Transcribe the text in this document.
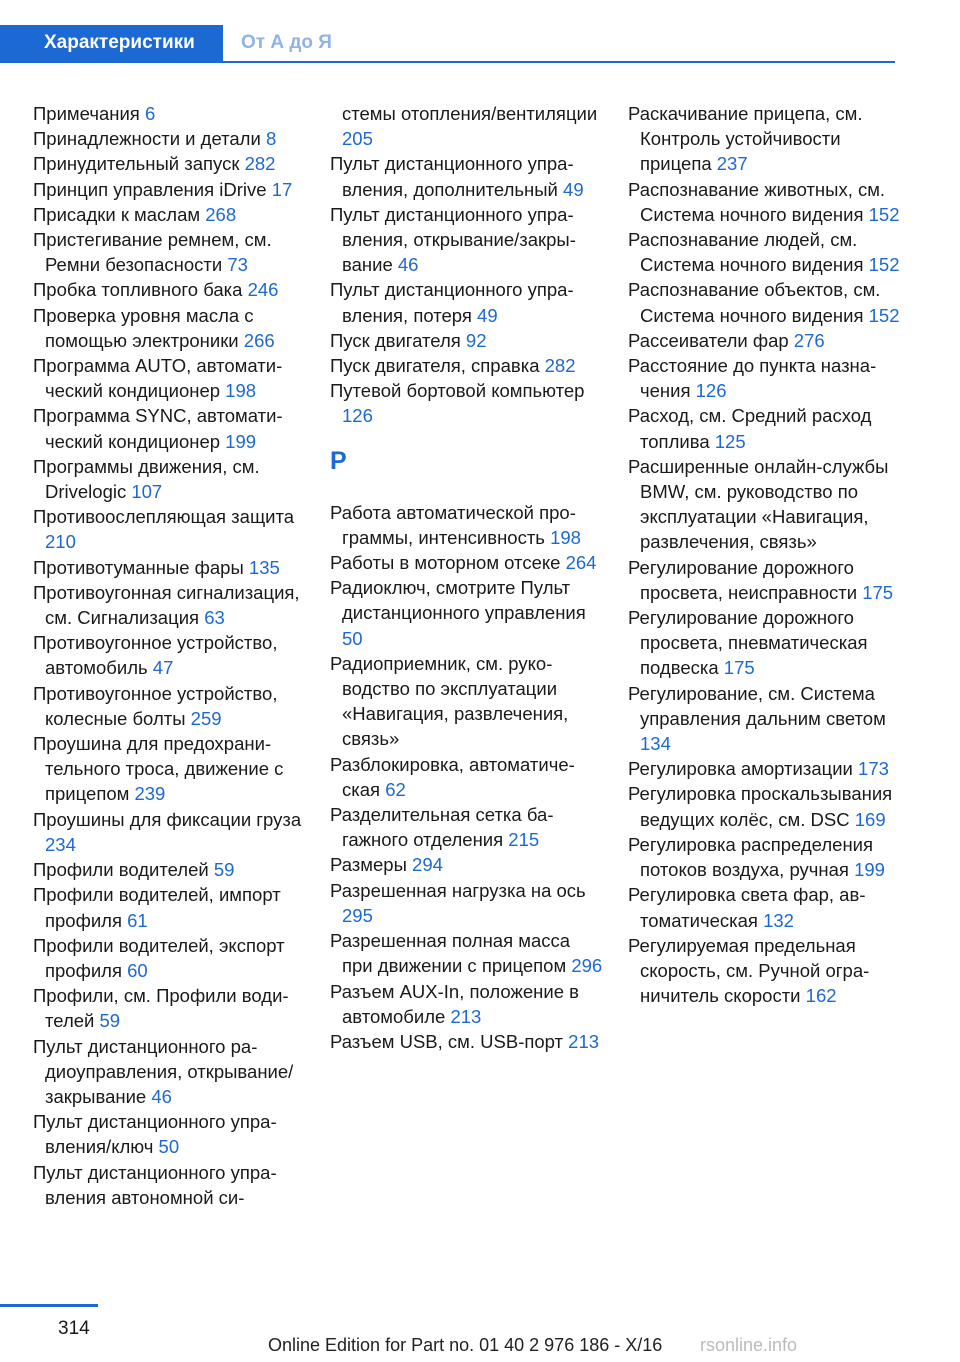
Характеристики	От А до Я
Примечания 6
Принадлежности и детали 8
Принудительный запуск 282
Принцип управления iDrive 17
Присадки к маслам 268
Пристегивание ремнем, см. Ремни безопасности 73
Пробка топливного бака 246
Проверка уровня масла с помощью электроники 266
Программа AUTO, автоматический кондиционер 198
Программа SYNC, автоматический кондиционер 199
Программы движения, см. Drivelogic 107
Противоослепляющая защита 210
Противотуманные фары 135
Противоугонная сигнализация, см. Сигнализация 63
Противоугонное устройство, автомобиль 47
Противоугонное устройство, колесные болты 259
Проушина для предохранительного троса, движение с прицепом 239
Проушины для фиксации груза 234
Профили водителей 59
Профили водителей, импорт профиля 61
Профили водителей, экспорт профиля 60
Профили, см. Профили водителей 59
Пульт дистанционного радиоуправления, открывание/закрывание 46
Пульт дистанционного управления/ключ 50
Пульт дистанционного управления автономной си-
стемы отопления/вентиляции 205
Пульт дистанционного управления, дополнительный 49
Пульт дистанционного управления, открывание/закрывание 46
Пульт дистанционного управления, потеря 49
Пуск двигателя 92
Пуск двигателя, справка 282
Путевой бортовой компьютер 126
Р
Работа автоматической программы, интенсивность 198
Работы в моторном отсеке 264
Радиоключ, смотрите Пульт дистанционного управления 50
Радиоприемник, см. руководство по эксплуатации «Навигация, развлечения, связь»
Разблокировка, автоматическая 62
Разделительная сетка багажного отделения 215
Размеры 294
Разрешенная нагрузка на ось 295
Разрешенная полная масса при движении с прицепом 296
Разъем AUX-In, положение в автомобиле 213
Разъем USB, см. USB-порт 213
Раскачивание прицепа, см. Контроль устойчивости прицепа 237
Распознавание животных, см. Система ночного видения 152
Распознавание людей, см. Система ночного видения 152
Распознавание объектов, см. Система ночного видения 152
Рассеиватели фар 276
Расстояние до пункта назначения 126
Расход, см. Средний расход топлива 125
Расширенные онлайн-службы BMW, см. руководство по эксплуатации «Навигация, развлечения, связь»
Регулирование дорожного просвета, неисправности 175
Регулирование дорожного просвета, пневматическая подвеска 175
Регулирование, см. Система управления дальним светом 134
Регулировка амортизации 173
Регулировка проскальзывания ведущих колёс, см. DSC 169
Регулировка распределения потоков воздуха, ручная 199
Регулировка света фар, автоматическая 132
Регулируемая предельная скорость, см. Ручной ограничитель скорости 162
314
Online Edition for Part no. 01 40 2 976 186 - X/16 rsonline.info
